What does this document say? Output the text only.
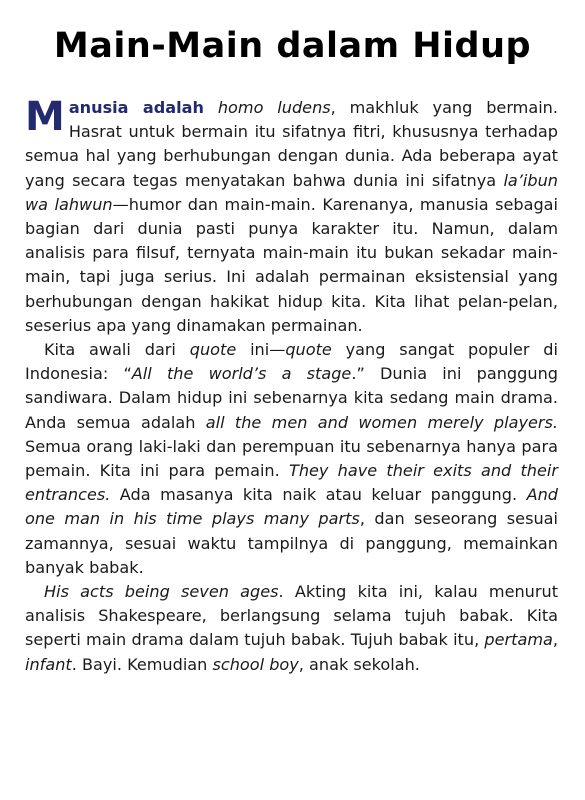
Main-Main dalam Hidup

Manusia adalah homo ludens, makhluk yang bermain. Hasrat untuk bermain itu sifatnya fitri, khususnya terhadap semua hal yang berhubungan dengan dunia. Ada beberapa ayat yang secara tegas menyatakan bahwa dunia ini sifatnya la’ibun wa lahwun—humor dan main-main. Karenanya, manusia sebagai bagian dari dunia pasti punya karakter itu. Namun, dalam analisis para filsuf, ternyata main-main itu bukan sekadar main-main, tapi juga serius. Ini adalah permainan eksistensial yang berhubungan dengan hakikat hidup kita. Kita lihat pelan-pelan, seserius apa yang dinamakan permainan.

Kita awali dari quote ini—quote yang sangat populer di Indonesia: “All the world’s a stage.” Dunia ini panggung sandiwara. Dalam hidup ini sebenarnya kita sedang main drama. Anda semua adalah all the men and women merely players. Semua orang laki-laki dan perempuan itu sebenarnya hanya para pemain. Kita ini para pemain. They have their exits and their entrances. Ada masanya kita naik atau keluar panggung. And one man in his time plays many parts, dan seseorang sesuai zamannya, sesuai waktu tampilnya di panggung, memainkan banyak babak.

His acts being seven ages. Akting kita ini, kalau menurut analisis Shakespeare, berlangsung selama tujuh babak. Kita seperti main drama dalam tujuh babak. Tujuh babak itu, pertama, infant. Bayi. Kemudian school boy, anak sekolah.
